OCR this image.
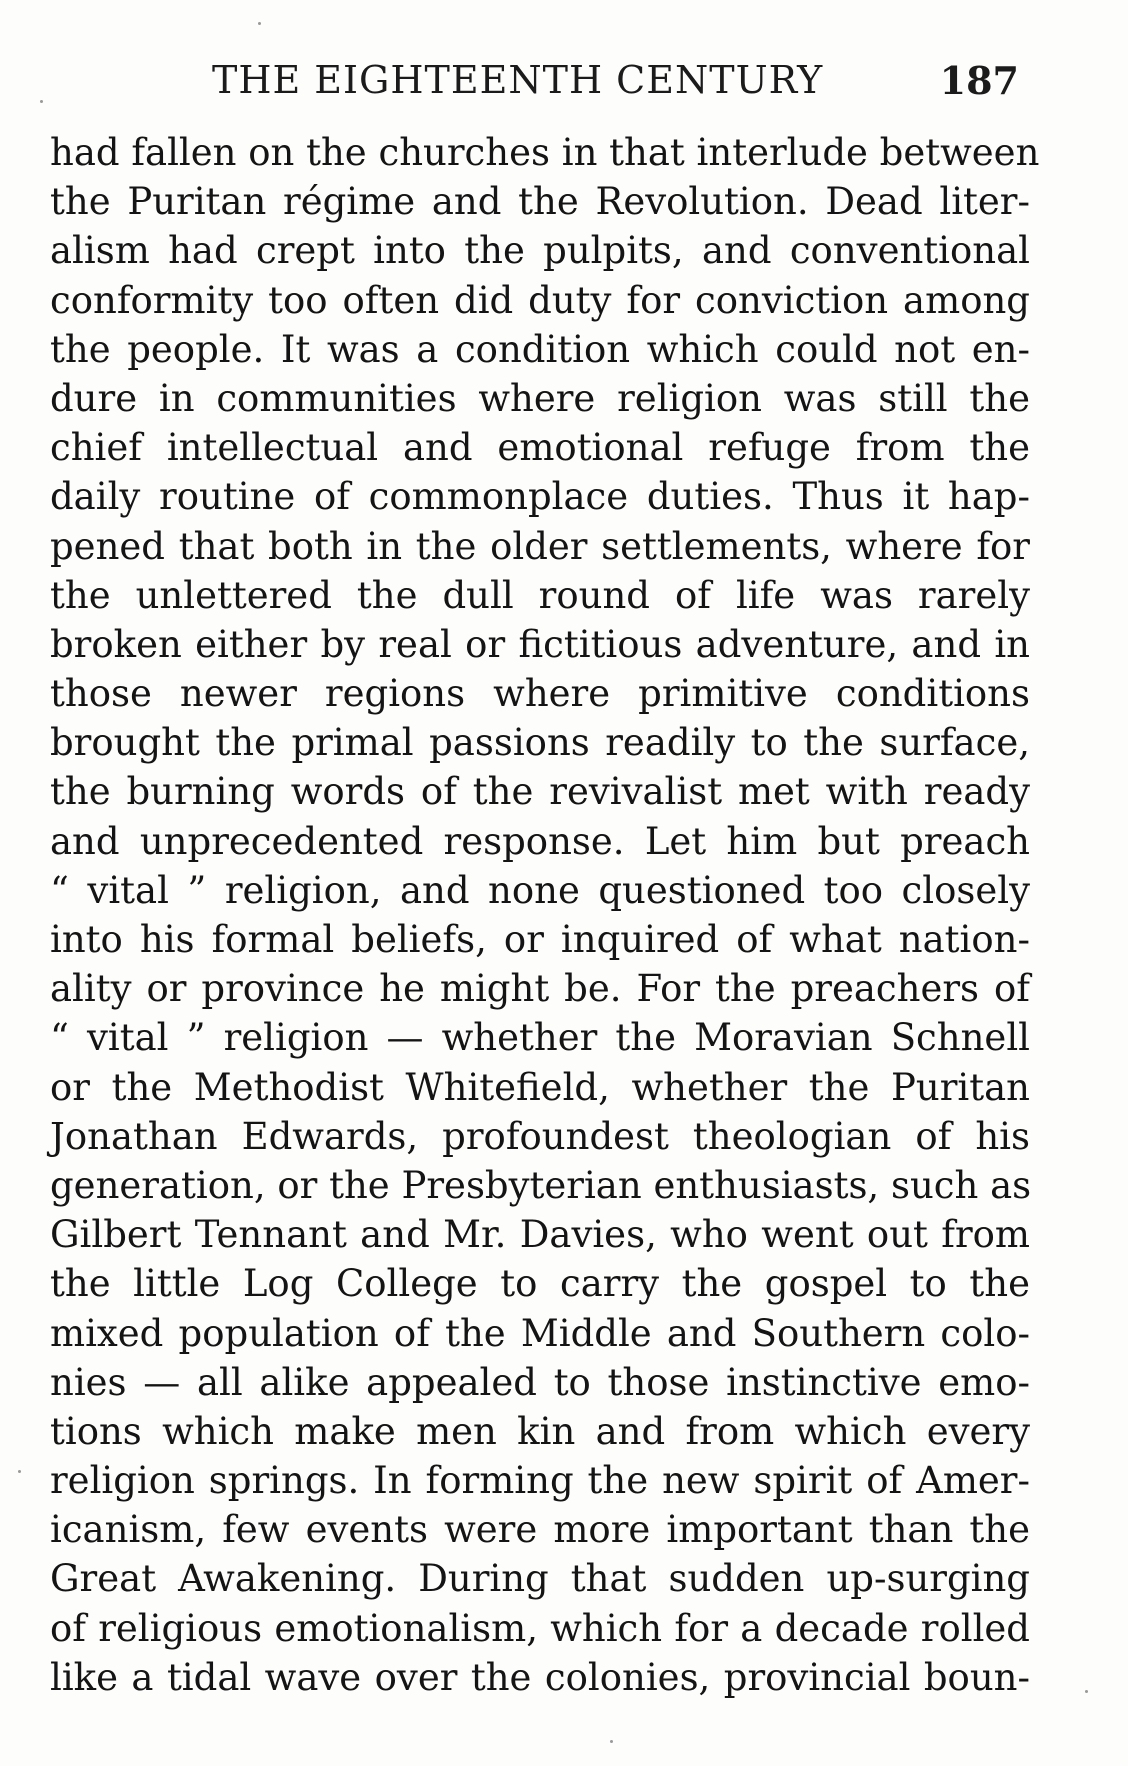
THE EIGHTEENTH CENTURY	187
had fallen on the churches in that interlude between
the Puritan régime and the Revolution. Dead liter-
alism had crept into the pulpits, and conventional
conformity too often did duty for conviction among
the people. It was a condition which could not en-
dure in communities where religion was still the
chief intellectual and emotional refuge from the
daily routine of commonplace duties. Thus it hap-
pened that both in the older settlements, where for
the unlettered the dull round of life was rarely
broken either by real or fictitious adventure, and in
those newer regions where primitive conditions
brought the primal passions readily to the surface,
the burning words of the revivalist met with ready
and unprecedented response. Let him but preach
“ vital ” religion, and none questioned too closely
into his formal beliefs, or inquired of what nation-
ality or province he might be. For the preachers of
“ vital ” religion — whether the Moravian Schnell
or the Methodist Whitefield, whether the Puritan
Jonathan Edwards, profoundest theologian of his
generation, or the Presbyterian enthusiasts, such as
Gilbert Tennant and Mr. Davies, who went out from
the little Log College to carry the gospel to the
mixed population of the Middle and Southern colo-
nies — all alike appealed to those instinctive emo-
tions which make men kin and from which every
religion springs. In forming the new spirit of Amer-
icanism, few events were more important than the
Great Awakening. During that sudden up-surging
of religious emotionalism, which for a decade rolled
like a tidal wave over the colonies, provincial boun-
